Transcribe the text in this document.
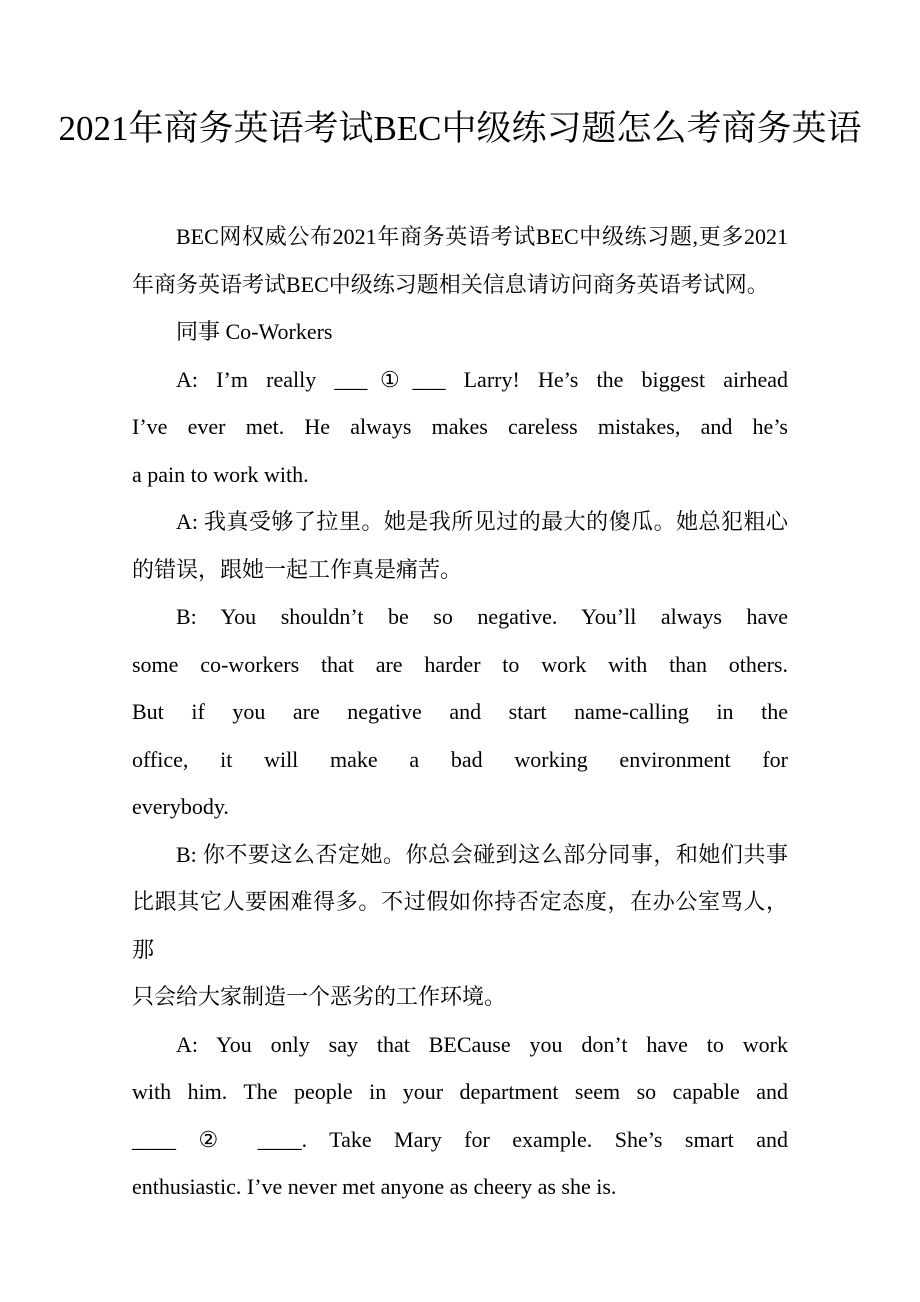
2021年商务英语考试BEC中级练习题怎么考商务英语

BEC网权威公布2021年商务英语考试BEC中级练习题,更多2021
年商务英语考试BEC中级练习题相关信息请访问商务英语考试网。

同事 Co-Workers

A: I’m really ___①___ Larry! He’s the biggest airhead
I’ve ever met. He always makes careless mistakes, and he’s
a pain to work with.

A: 我真受够了拉里。她是我所见过的最大的傻瓜。她总犯粗心
的错误，跟她一起工作真是痛苦。

B: You shouldn’t be so negative. You’ll always have
some co-workers that are harder to work with than others.
But if you are negative and start name-calling in the
office, it will make a bad working environment for
everybody.

B: 你不要这么否定她。你总会碰到这么部分同事，和她们共事
比跟其它人要困难得多。不过假如你持否定态度，在办公室骂人，那
只会给大家制造一个恶劣的工作环境。

A: You only say that BECause you don’t have to work
with him. The people in your department seem so capable and
____ ② ____. Take Mary for example. She’s smart and
enthusiastic. I’ve never met anyone as cheery as she is.
